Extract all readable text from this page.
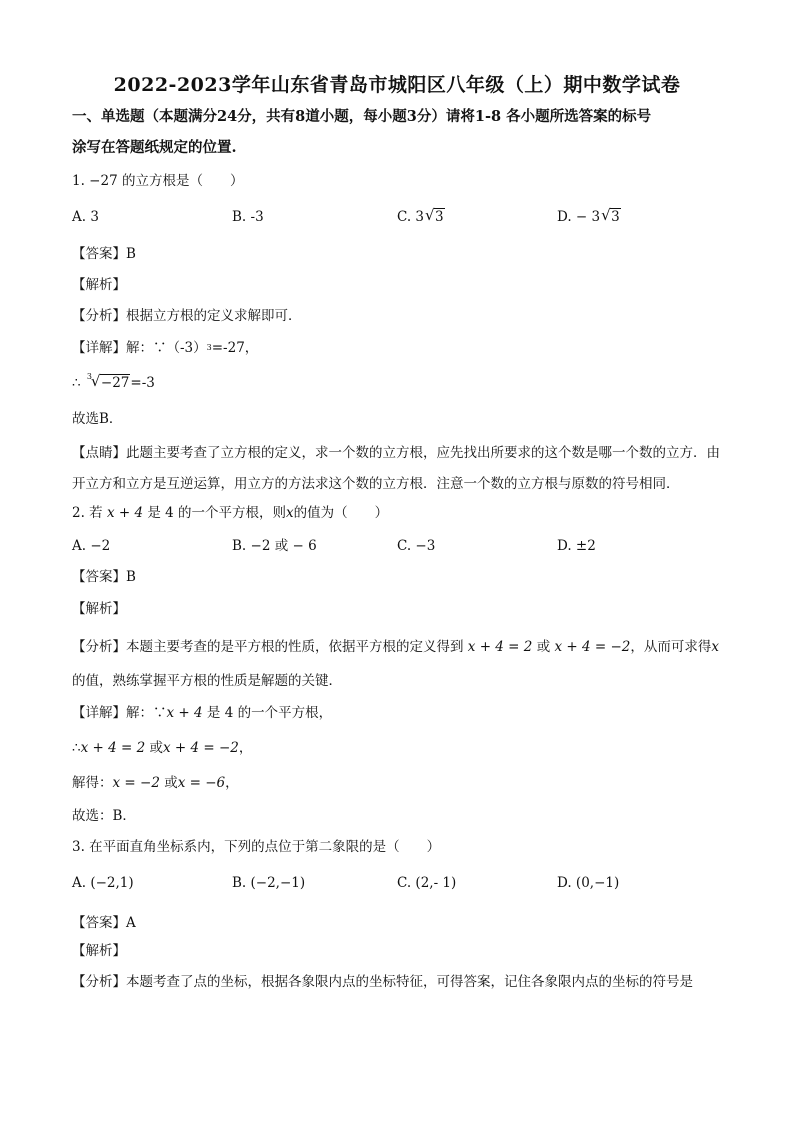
2022-2023学年山东省青岛市城阳区八年级（上）期中数学试卷
一、单选题（本题满分24分，共有8道小题，每小题3分）请将1-8 各小题所选答案的标号
涂写在答题纸规定的位置.
1. −27 的立方根是（　　）
A. 3	B. -3	C. 3 √ 3	D. − 3 √ 3
【答案】B
【解析】
【分析】根据立方根的定义求解即可．
【详解】解：$\because(-3)^3=-27$，
∴ 3
√ −27=-3
故选B．
【点睛】此题主要考查了立方根的定义，求一个数的立方根，应先找出所要求的这个数是哪一个数的立方．由
开立方和立方是互逆运算，用立方的方法求这个数的立方根．注意一个数的立方根与原数的符号相同．
2. 若 x + 4 是 4 的一个平方根，则x的值为（　　）
A. −2	B. −2 或 − 6	C. −3	D. ±2
【答案】B
【解析】
【分析】本题主要考查的是平方根的性质，依据平方根的定义得到 x + 4 = 2 或 x + 4 = −2，从而可求得x
的值，熟练掌握平方根的性质是解题的关键．
【详解】解：∵x + 4 是 4 的一个平方根，
∴x + 4 = 2 或x + 4 = −2，
解得：x = −2 或x = −6，
故选：B．
3. 在平面直角坐标系内，下列的点位于第二象限的是（　　）
A. (−2,1)	B. (−2,−1)	C. (2,- 1)	D. (0,−1)
【答案】A
【解析】
【分析】本题考查了点的坐标，根据各象限内点的坐标特征，可得答案，记住各象限内点的坐标的符号是
